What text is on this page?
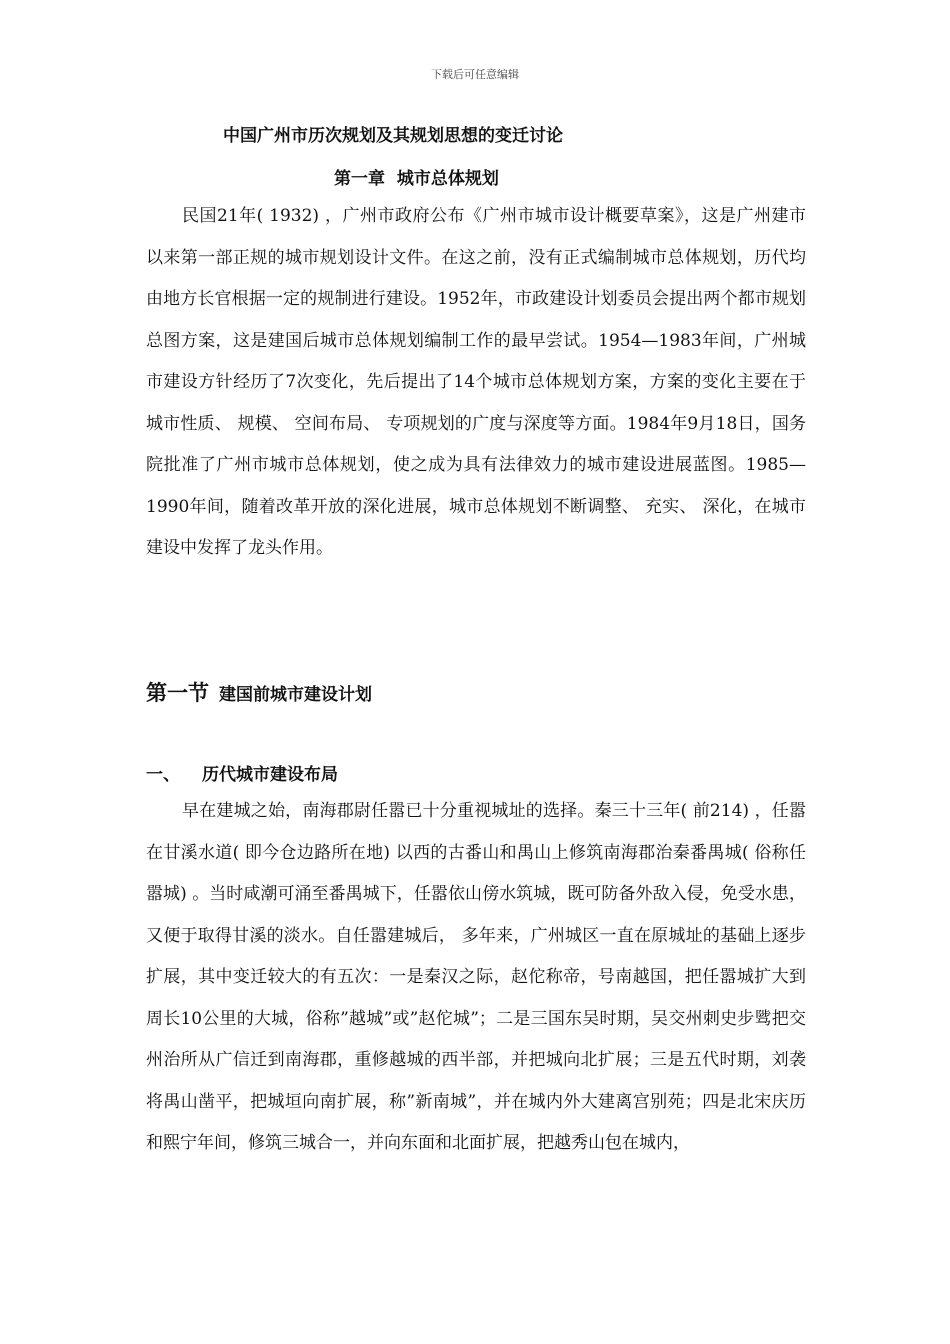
下载后可任意编辑
中国广州市历次规划及其规划思想的变迁讨论
第一章 城市总体规划

民国21年( 1932) ，广州市政府公布《广州市城市设计概要草案》，这是广州建市以来第一部正规的城市规划设计文件。在这之前，没有正式编制城市总体规划，历代均由地方长官根据一定的规制进行建设。1952年，市政建设计划委员会提出两个都市规划总图方案，这是建国后城市总体规划编制工作的最早尝试。1954—1983年间，广州城市建设方针经历了7次变化，先后提出了14个城市总体规划方案，方案的变化主要在于城市性质、 规模、 空间布局、 专项规划的广度与深度等方面。1984年9月18日，国务院批准了广州市城市总体规划，使之成为具有法律效力的城市建设进展蓝图。1985—1990年间，随着改革开放的深化进展，城市总体规划不断调整、 充实、 深化，在城市建设中发挥了龙头作用。

第一节 建国前城市建设计划
一、 历代城市建设布局

早在建城之始，南海郡尉任嚣已十分重视城址的选择。秦三十三年( 前214) ，任嚣在甘溪水道( 即今仓边路所在地) 以西的古番山和禺山上修筑南海郡治秦番禺城( 俗称任嚣城) 。当时咸潮可涌至番禺城下，任嚣依山傍水筑城，既可防备外敌入侵，免受水患，又便于取得甘溪的淡水。自任嚣建城后， 多年来，广州城区一直在原城址的基础上逐步扩展，其中变迁较大的有五次：一是秦汉之际，赵佗称帝，号南越国，把任嚣城扩大到周长10公里的大城，俗称”越城”或”赵佗城”；二是三国东吴时期，吴交州刺史步骘把交州治所从广信迁到南海郡，重修越城的西半部，并把城向北扩展；三是五代时期，刘袭将禺山凿平，把城垣向南扩展，称”新南城”，并在城内外大建离宫别苑；四是北宋庆历和熙宁年间，修筑三城合一，并向东面和北面扩展，把越秀山包在城内，
